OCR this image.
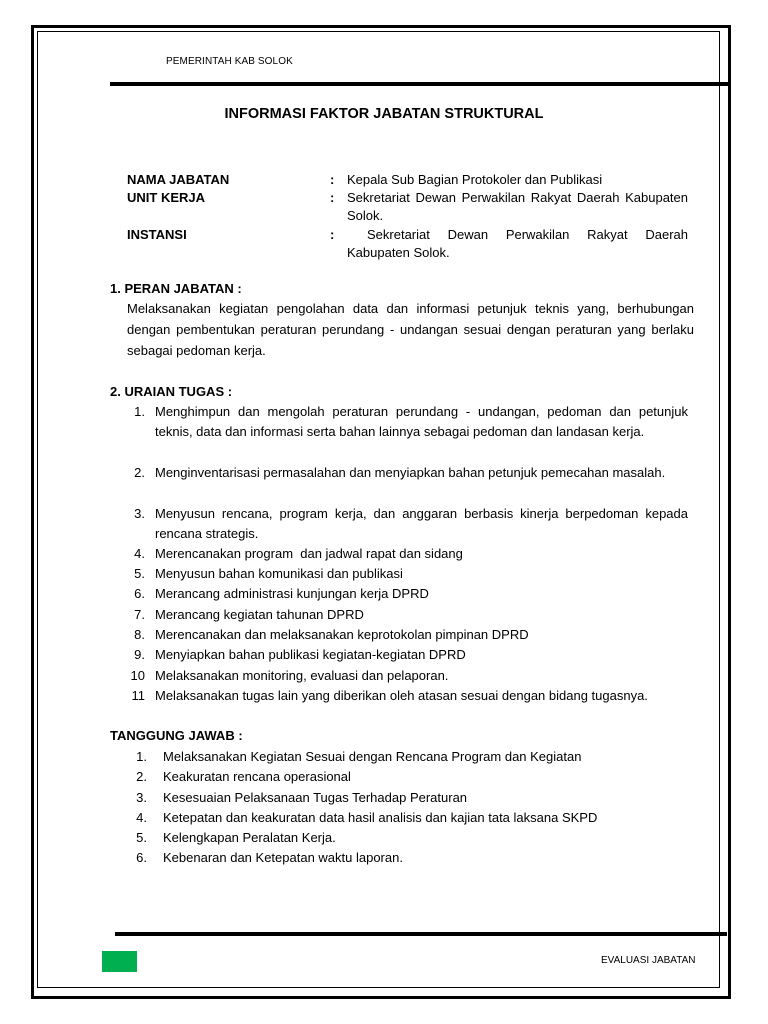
PEMERINTAH KAB SOLOK
INFORMASI FAKTOR JABATAN STRUKTURAL
NAMA JABATAN	: Kepala Sub Bagian Protokoler dan Publikasi
UNIT KERJA	: Sekretariat Dewan Perwakilan Rakyat Daerah Kabupaten Solok.
INSTANSI	:	Sekretariat Dewan Perwakilan Rakyat Daerah Kabupaten Solok.
1. PERAN JABATAN :
Melaksanakan kegiatan pengolahan data dan informasi petunjuk teknis yang, berhubungan dengan pembentukan peraturan perundang - undangan sesuai dengan peraturan yang berlaku sebagai pedoman kerja.
2. URAIAN TUGAS :
1. Menghimpun dan mengolah peraturan perundang - undangan, pedoman dan petunjuk teknis, data dan informasi serta bahan lainnya sebagai pedoman dan landasan kerja.
2. Menginventarisasi permasalahan dan menyiapkan bahan petunjuk pemecahan masalah.
3. Menyusun rencana, program kerja, dan anggaran berbasis kinerja berpedoman kepada rencana strategis.
4. Merencanakan program  dan jadwal rapat dan sidang
5. Menyusun bahan komunikasi dan publikasi
6. Merancang administrasi kunjungan kerja DPRD
7. Merancang kegiatan tahunan DPRD
8. Merencanakan dan melaksanakan keprotokolan pimpinan DPRD
9. Menyiapkan bahan publikasi kegiatan-kegiatan DPRD
10 Melaksanakan monitoring, evaluasi dan pelaporan.
11 Melaksanakan tugas lain yang diberikan oleh atasan sesuai dengan bidang tugasnya.
TANGGUNG JAWAB :
1. Melaksanakan Kegiatan Sesuai dengan Rencana Program dan Kegiatan
2. Keakuratan rencana operasional
3. Kesesuaian Pelaksanaan Tugas Terhadap Peraturan
4. Ketepatan dan keakuratan data hasil analisis dan kajian tata laksana SKPD
5. Kelengkapan Peralatan Kerja.
6. Kebenaran dan Ketepatan waktu laporan.
EVALUASI JABATAN
